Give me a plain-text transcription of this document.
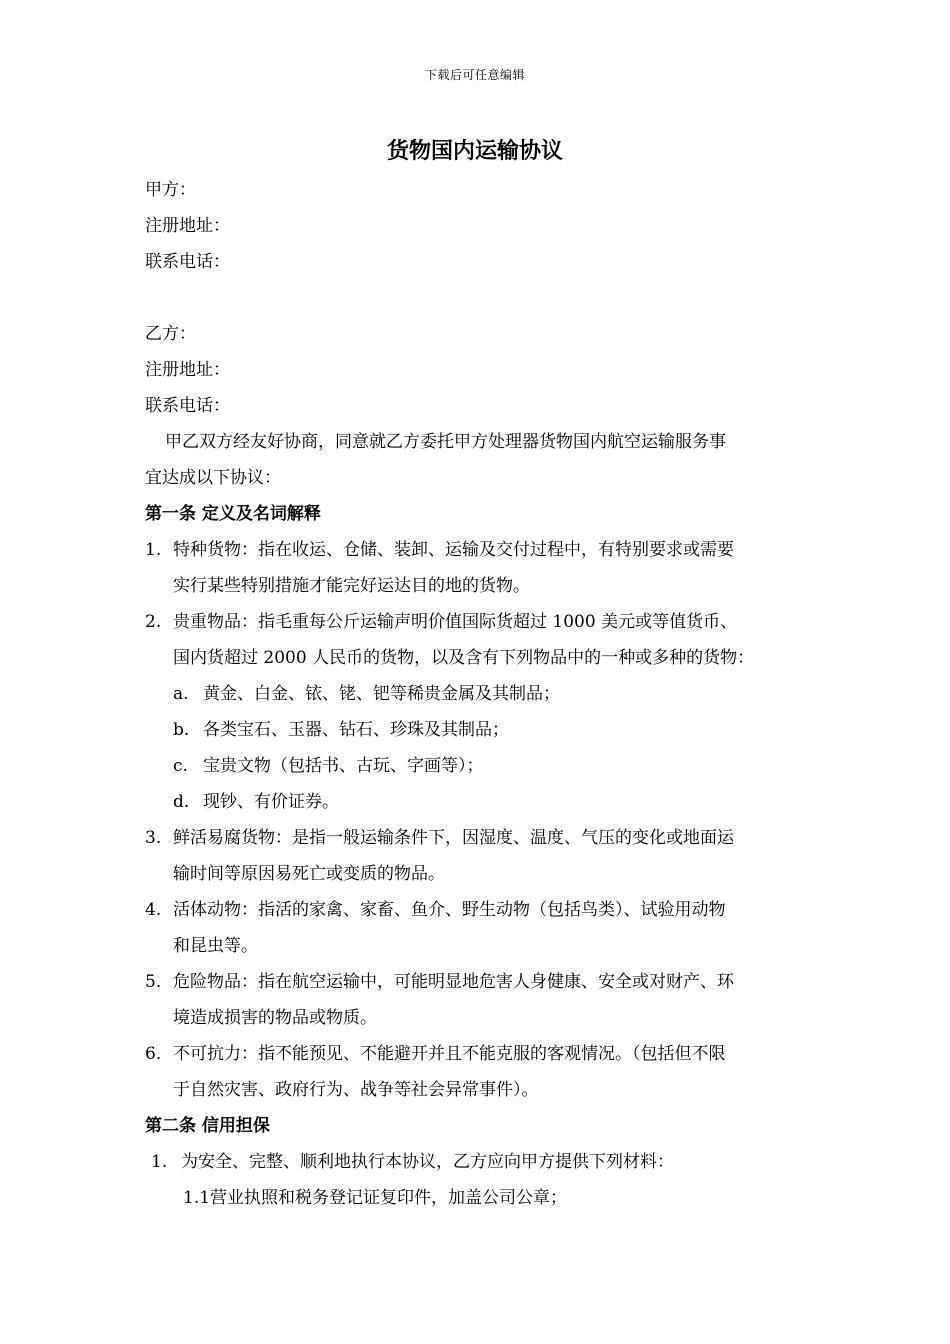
下载后可任意编辑
货物国内运输协议
甲方：
注册地址：
联系电话：
乙方：
注册地址：
联系电话：
甲乙双方经友好协商，同意就乙方委托甲方处理器货物国内航空运输服务事
宜达成以下协议：
第一条 定义及名词解释
1. 特种货物：指在收运、仓储、装卸、运输及交付过程中，有特别要求或需要
实行某些特别措施才能完好运达目的地的货物。
2. 贵重物品：指毛重每公斤运输声明价值国际货超过 1000 美元或等值货币、
国内货超过 2000 人民币的货物，以及含有下列物品中的一种或多种的货物：
a. 黄金、白金、铱、铑、钯等稀贵金属及其制品；
b. 各类宝石、玉器、钻石、珍珠及其制品；
c. 宝贵文物（包括书、古玩、字画等）；
d. 现钞、有价证券。
3. 鲜活易腐货物：是指一般运输条件下，因湿度、温度、气压的变化或地面运
输时间等原因易死亡或变质的物品。
4. 活体动物：指活的家禽、家畜、鱼介、野生动物（包括鸟类）、试验用动物
和昆虫等。
5. 危险物品：指在航空运输中，可能明显地危害人身健康、安全或对财产、环
境造成损害的物品或物质。
6. 不可抗力：指不能预见、不能避开并且不能克服的客观情况。（包括但不限
于自然灾害、政府行为、战争等社会异常事件）。
第二条 信用担保
1. 为安全、完整、顺利地执行本协议，乙方应向甲方提供下列材料：
1.1营业执照和税务登记证复印件，加盖公司公章；
